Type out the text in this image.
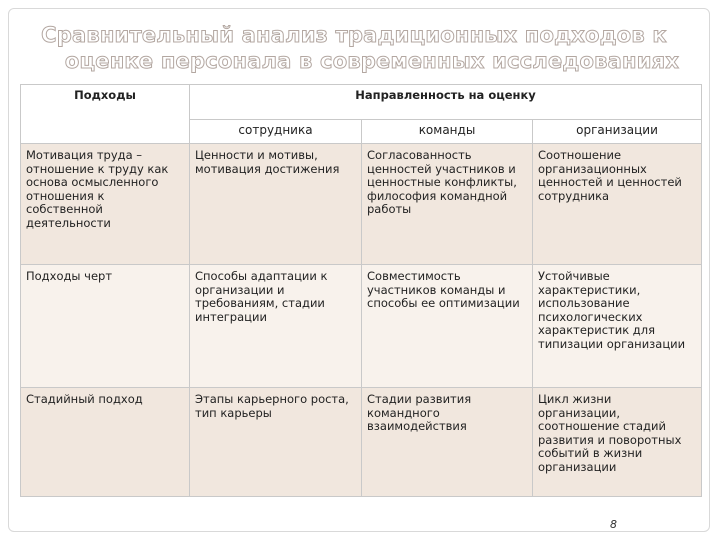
Сравнительный анализ традиционных подходов к
оценке персонала в современных исследованиях
Подходы	Направленность на оценку		
	сотрудника	команды	организации
Мотивация труда – отношение к труду как основа осмысленного отношения к собственной деятельности	Ценности и мотивы, мотивация достижения	Согласованность ценностей участников и ценностные конфликты, философия командной работы	Соотношение организационных ценностей и ценностей сотрудника
Подходы черт	Способы адаптации к организации и требованиям, стадии интеграции	Совместимость участников команды и способы ее оптимизации	Устойчивые характеристики, использование психологических характеристик для типизации организации
Стадийный подход	Этапы карьерного роста, тип карьеры	Стадии развития командного взаимодействия	Цикл жизни организации, соотношение стадий развития и поворотных событий в жизни организации
8
